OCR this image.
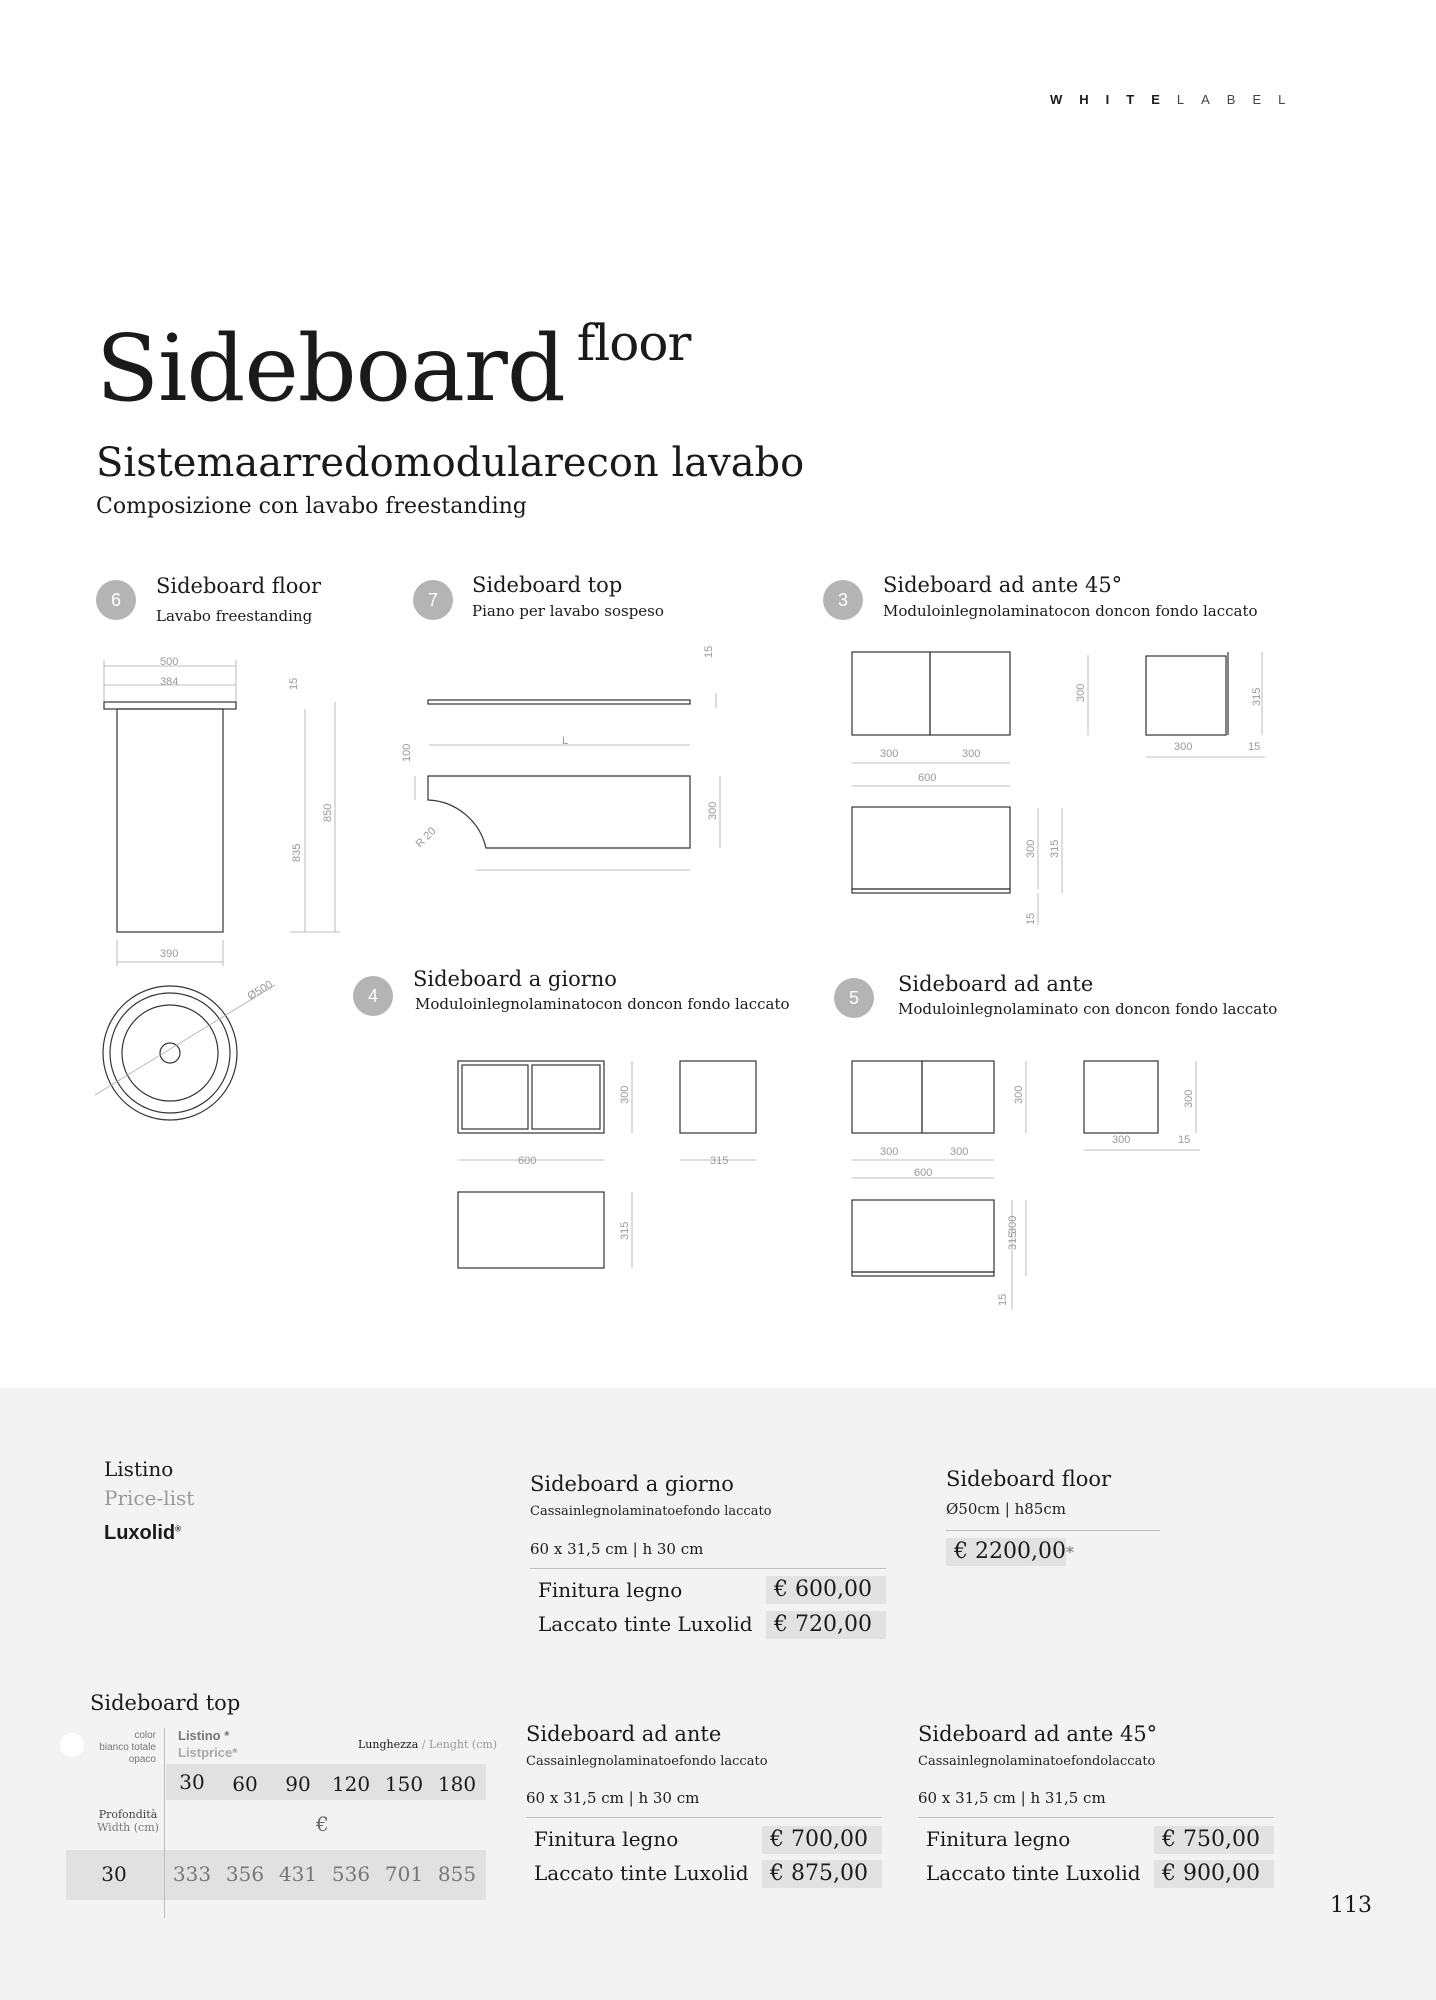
WHITELABEL
Sideboard $^{floor}$
Sistemaarredomodularecon lavabo
Composizione con lavabo freestanding
6
Sideboard floor
Lavabo freestanding
7
Sideboard top
Piano per lavabo sospeso
3
Sideboard ad ante 45°
Moduloinlegnolaminatocon doncon fondo laccato
4
Sideboard a giorno
Moduloinlegnolaminatocon doncon fondo laccato	5
Sideboard ad ante
Moduloinlegnolaminato con doncon fondo laccato
500
384	15
835
850
390
Ø500
15
L
100
300
R 20
300	300
600
300	315
300	15
300 315
15
300
600	315
315
300	300
300	300
600
300	15
315
300
15
Listino
Price-list
Luxolid®
Sideboard a giorno
Cassainlegnolaminatoefondo laccato
60 x 31,5 cm | h 30 cm
Finitura legno	€ 600,00
Laccato tinte Luxolid € 720,00
Sideboard floor
Ø50cm | h85cm
€ 2200,00*
Sideboard top
color
bianco totale
opaco
Listino *
Listprice*
Lunghezza / Lenght (cm)
30	60	90	120 150 180
Profondità
Width (cm)	€
30	333 356 431 536 701 855
Sideboard ad ante
Cassainlegnolaminatoefondo laccato
60 x 31,5 cm | h 30 cm
Finitura legno	€ 700,00
Laccato tinte Luxolid € 875,00
Sideboard ad ante 45°
Cassainlegnolaminatoefondolaccato
60 x 31,5 cm | h 31,5 cm
Finitura legno	€ 750,00
Laccato tinte Luxolid € 900,00
113
